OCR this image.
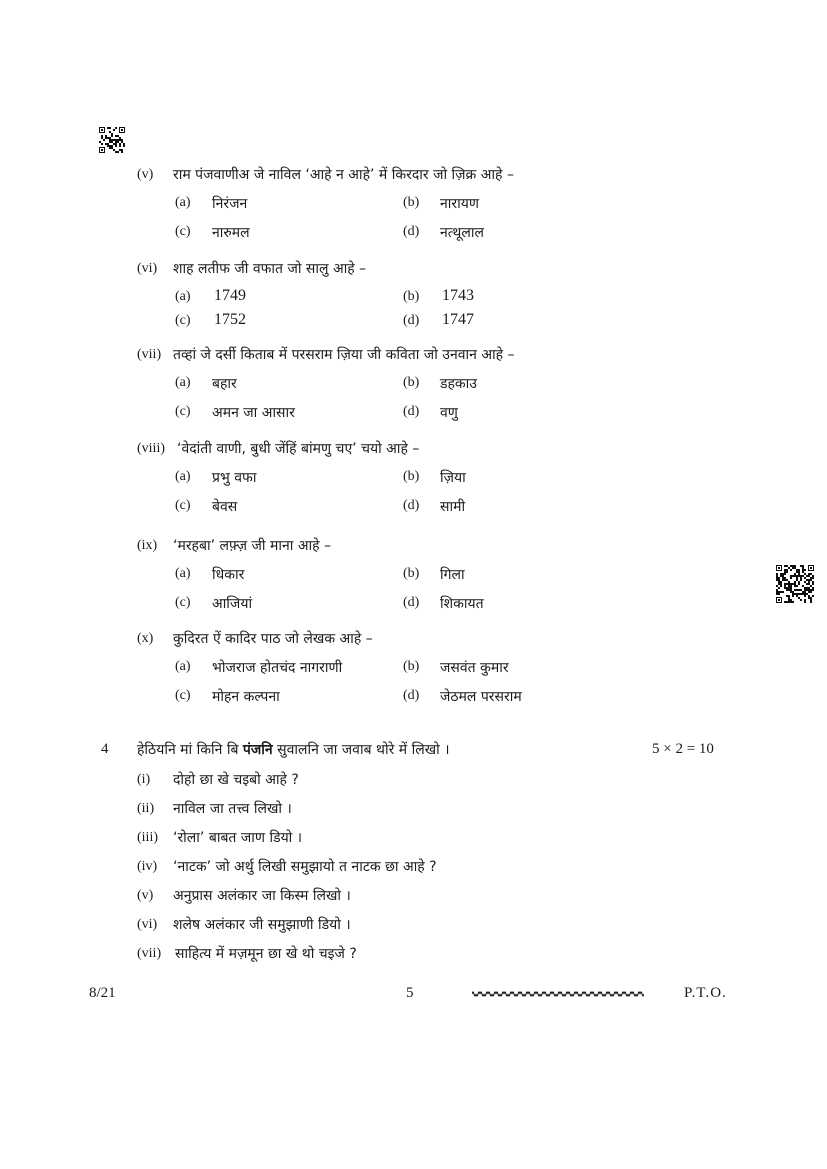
(v) राम पंजवाणीअ जे नाविल ‘आहे न आहे’ में किरदार जो ज़िक्र आहे –
(a) निरंजन	(b) नारायण
(c) नारुमल	(d) नत्थूलाल
(vi) शाह लतीफ जी वफात जो सालु आहे –
(a) 1749	(b) 1743
(c) 1752	(d) 1747
(vii) तव्हां जे दर्सी किताब में परसराम ज़िया जी कविता जो उनवान आहे –
(a) बहार	(b) डहकाउ
(c) अमन जा आसार	(d) वणु
(viii) ‘वेदांती वाणी, बुधी जेंहिं बांमणु चए’ चयो आहे –
(a) प्रभु वफा	(b) ज़िया
(c) बेवस	(d) सामी
(ix) ‘मरहबा’ लफ़्ज़ जी माना आहे –
(a) धिकार	(b) गिला
(c) आजियां	(d) शिकायत
(x) कुदिरत ऐं कादिर पाठ जो लेखक आहे –
(a) भोजराज होतचंद नागराणी	(b) जसवंत कुमार
(c) मोहन कल्पना	(d) जेठमल परसराम
4 हेठियनि मां किनि बि पंजनि सुवालनि जा जवाब थोरे में लिखो ।	5 × 2 = 10
(i) दोहो छा खे चइबो आहे ?
(ii) नाविल जा तत्त्व लिखो ।
(iii) ‘रोला’ बाबत जाण डियो ।
(iv) ‘नाटक’ जो अर्थु लिखी समुझायो त नाटक छा आहे ?
(v) अनुप्रास अलंकार जा किस्म लिखो ।
(vi) शलेष अलंकार जी समुझाणी डियो ।
(vii) साहित्य में मज़मून छा खे थो चइजे ?
8/21	5	P.T.O.
